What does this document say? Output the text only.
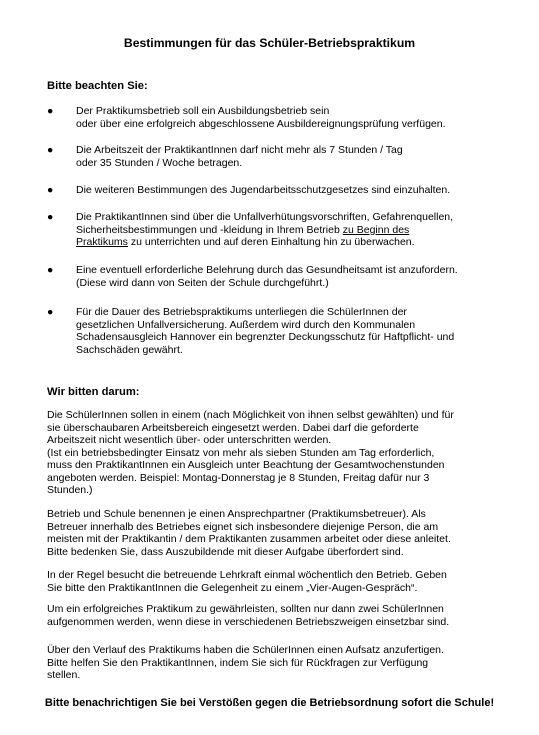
Bestimmungen für das Schüler-Betriebspraktikum
Bitte beachten Sie:
●	Der Praktikumsbetrieb soll ein Ausbildungsbetrieb sein
oder über eine erfolgreich abgeschlossene Ausbildereignungsprüfung verfügen.
●	Die Arbeitszeit der PraktikantInnen darf nicht mehr als 7 Stunden / Tag
oder 35 Stunden / Woche betragen.
●	Die weiteren Bestimmungen des Jugendarbeitsschutzgesetzes sind einzuhalten.
●	Die PraktikantInnen sind über die Unfallverhütungsvorschriften, Gefahrenquellen,
Sicherheitsbestimmungen und -kleidung in Ihrem Betrieb zu Beginn des
Praktikums zu unterrichten und auf deren Einhaltung hin zu überwachen.
●	Eine eventuell erforderliche Belehrung durch das Gesundheitsamt ist anzufordern.
(Diese wird dann von Seiten der Schule durchgeführt.)
●	Für die Dauer des Betriebspraktikums unterliegen die SchülerInnen der
gesetzlichen Unfallversicherung. Außerdem wird durch den Kommunalen
Schadensausgleich Hannover ein begrenzter Deckungsschutz für Haftpflicht- und
Sachschäden gewährt.
Wir bitten darum:
Die SchülerInnen sollen in einem (nach Möglichkeit von ihnen selbst gewählten) und für
sie überschaubaren Arbeitsbereich eingesetzt werden. Dabei darf die geforderte
Arbeitszeit nicht wesentlich über- oder unterschritten werden.
(Ist ein betriebsbedingter Einsatz von mehr als sieben Stunden am Tag erforderlich,
muss den PraktikantInnen ein Ausgleich unter Beachtung der Gesamtwochenstunden
angeboten werden. Beispiel: Montag-Donnerstag je 8 Stunden, Freitag dafür nur 3
Stunden.)
Betrieb und Schule benennen je einen Ansprechpartner (Praktikumsbetreuer). Als
Betreuer innerhalb des Betriebes eignet sich insbesondere diejenige Person, die am
meisten mit der Praktikantin / dem Praktikanten zusammen arbeitet oder diese anleitet.
Bitte bedenken Sie, dass Auszubildende mit dieser Aufgabe überfordert sind.
In der Regel besucht die betreuende Lehrkraft einmal wöchentlich den Betrieb. Geben
Sie bitte den PraktikantInnen die Gelegenheit zu einem „Vier-Augen-Gespräch“.
Um ein erfolgreiches Praktikum zu gewährleisten, sollten nur dann zwei SchülerInnen
aufgenommen werden, wenn diese in verschiedenen Betriebszweigen einsetzbar sind.
Über den Verlauf des Praktikums haben die SchülerInnen einen Aufsatz anzufertigen.
Bitte helfen Sie den PraktikantInnen, indem Sie sich für Rückfragen zur Verfügung
stellen.
Bitte benachrichtigen Sie bei Verstößen gegen die Betriebsordnung sofort die Schule!
